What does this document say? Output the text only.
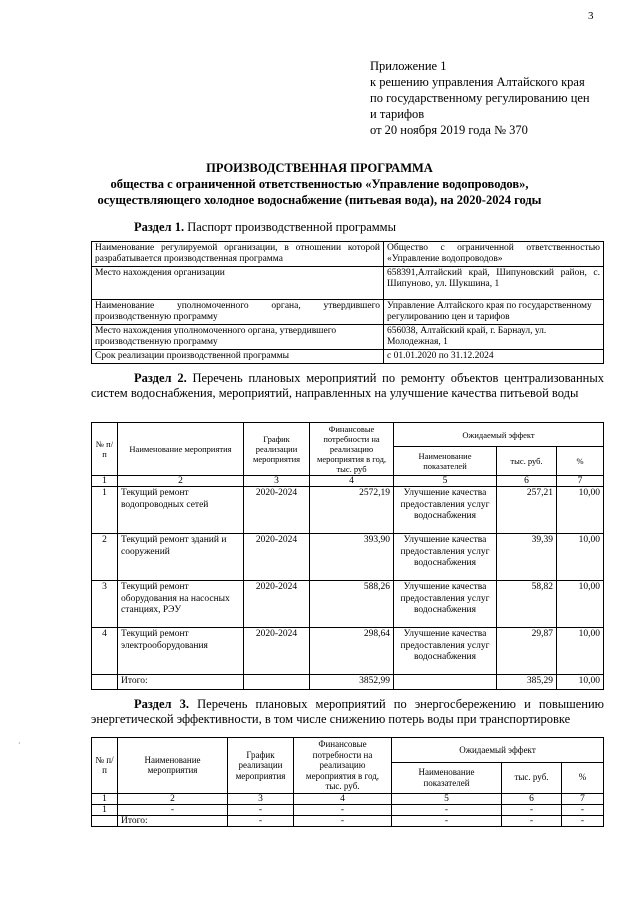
3
Приложение 1
к решению управления Алтайского края
по государственному регулированию цен
и тарифов
от 20 ноября 2019 года № 370
ПРОИЗВОДСТВЕННАЯ ПРОГРАММА
общества с ограниченной ответственностью «Управление водопроводов»,
осуществляющего холодное водоснабжение (питьевая вода), на 2020-2024 годы
Раздел 1. Паспорт производственной программы
Наименование регулируемой организации, в отношении которой разрабатывается производственная программа	Общество с ограниченной ответственностью «Управление водопроводов»
Место нахождения организации	658391,Алтайский край, Шипуновский район, с. Шипуново, ул. Шукшина, 1
Наименование уполномоченного органа, утвердившего производственную программу	Управление Алтайского края по государственному регулированию цен и тарифов
Место нахождения уполномоченного органа, утвердившего производственную программу	656038, Алтайский край, г. Барнаул, ул. Молодежная, 1
Срок реализации производственной программы	с 01.01.2020 по 31.12.2024
Раздел 2. Перечень плановых мероприятий по ремонту объектов централизованных систем водоснабжения, мероприятий, направленных на улучшение качества питьевой воды
№ п/п	Наименование мероприятия	График реализации мероприятия	Финансовые потребности на реализацию мероприятия в год, тыс. руб	Ожидаемый эффект		
				Наименование показателей	тыс. руб.	%
1	2	3	4	5	6	7
1	Текущий ремонт водопроводных сетей	2020-2024	2572,19	Улучшение качества предоставления услуг водоснабжения	257,21	10,00
2	Текущий ремонт зданий и сооружений	2020-2024	393,90	Улучшение качества предоставления услуг водоснабжения	39,39	10,00
3	Текущий ремонт оборудования на насосных станциях, РЭУ	2020-2024	588,26	Улучшение качества предоставления услуг водоснабжения	58,82	10,00
4	Текущий ремонт электрооборудования	2020-2024	298,64	Улучшение качества предоставления услуг водоснабжения	29,87	10,00
	Итого:		3852,99		385,29	10,00
Раздел 3. Перечень плановых мероприятий по энергосбережению и повышению энергетической эффективности, в том числе снижению потерь воды при транспортировке
·
№ п/п	Наименование мероприятия	График реализации мероприятия	Финансовые потребности на реализацию мероприятия в год, тыс. руб.	Ожидаемый эффект		
				Наименование показателей	тыс. руб.	%
1	2	3	4	5	6	7
1	-	-	-	-	-	-
	Итого:	-	-	-	-	-
